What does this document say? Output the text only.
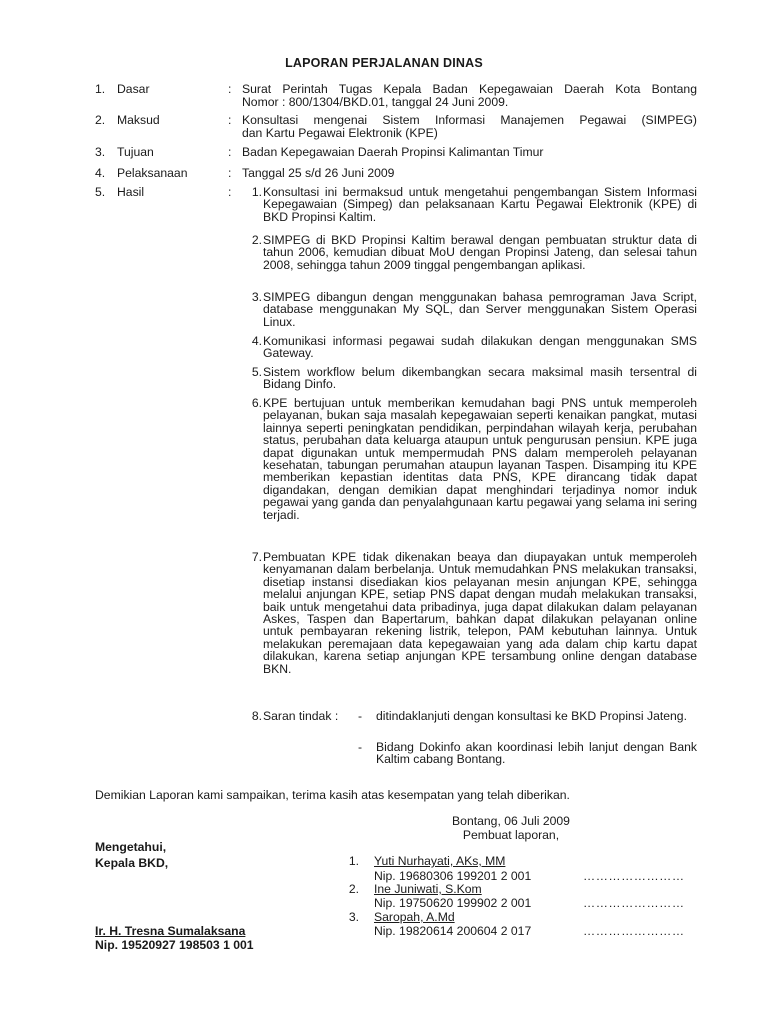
LAPORAN PERJALANAN DINAS
1. Dasar	: Surat Perintah Tugas Kepala Badan Kepegawaian Daerah Kota Bontang
Nomor : 800/1304/BKD.01, tanggal 24 Juni 2009.
2. Maksud	: Konsultasi mengenai Sistem Informasi Manajemen Pegawai (SIMPEG)
dan Kartu Pegawai Elektronik (KPE)
3. Tujuan	: Badan Kepegawaian Daerah Propinsi Kalimantan Timur
4. Pelaksanaan	: Tanggal 25 s/d 26 Juni 2009
5. Hasil	:	1. Konsultasi ini bermaksud untuk mengetahui pengembangan Sistem Informasi Kepegawaian (Simpeg) dan pelaksanaan Kartu Pegawai Elektronik (KPE) di BKD Propinsi Kaltim.
2. SIMPEG di BKD Propinsi Kaltim berawal dengan pembuatan struktur data di tahun 2006, kemudian dibuat MoU dengan Propinsi Jateng, dan selesai tahun 2008, sehingga tahun 2009 tinggal pengembangan aplikasi.
3. SIMPEG dibangun dengan menggunakan bahasa pemrograman Java Script, database menggunakan My SQL, dan Server menggunakan Sistem Operasi Linux.
4. Komunikasi informasi pegawai sudah dilakukan dengan menggunakan SMS Gateway.
5. Sistem workflow belum dikembangkan secara maksimal masih tersentral di Bidang Dinfo.
6. KPE bertujuan untuk memberikan kemudahan bagi PNS untuk memperoleh pelayanan, bukan saja masalah kepegawaian seperti kenaikan pangkat, mutasi lainnya seperti peningkatan pendidikan, perpindahan wilayah kerja, perubahan status, perubahan data keluarga ataupun untuk pengurusan pensiun. KPE juga dapat digunakan untuk mempermudah PNS dalam memperoleh pelayanan kesehatan, tabungan perumahan ataupun layanan Taspen. Disamping itu KPE memberikan kepastian identitas data PNS, KPE dirancang tidak dapat digandakan, dengan demikian dapat menghindari terjadinya nomor induk pegawai yang ganda dan penyalahgunaan kartu pegawai yang selama ini sering terjadi.
7. Pembuatan KPE tidak dikenakan beaya dan diupayakan untuk memperoleh kenyamanan dalam berbelanja. Untuk memudahkan PNS melakukan transaksi, disetiap instansi disediakan kios pelayanan mesin anjungan KPE, sehingga melalui anjungan KPE, setiap PNS dapat dengan mudah melakukan transaksi, baik untuk mengetahui data pribadinya, juga dapat dilakukan dalam pelayanan Askes, Taspen dan Bapertarum, bahkan dapat dilakukan pelayanan online untuk pembayaran rekening listrik, telepon, PAM kebutuhan lainnya. Untuk melakukan peremajaan data kepegawaian yang ada dalam chip kartu dapat dilakukan, karena setiap anjungan KPE tersambung online dengan database BKN.
8. Saran tindak :	- ditindaklanjuti dengan konsultasi ke BKD Propinsi Jateng.
- Bidang Dokinfo akan koordinasi lebih lanjut dengan Bank Kaltim cabang Bontang.
Demikian Laporan kami sampaikan, terima kasih atas kesempatan yang telah diberikan.
Bontang, 06 Juli 2009
Pembuat laporan,
Mengetahui,
Kepala BKD,
Ir. H. Tresna Sumalaksana
Nip. 19520927 198503 1 001
1. Yuti Nurhayati, AKs, MM
Nip. 19680306 199201 2 001	……………………
2. Ine Juniwati, S.Kom
Nip. 19750620 199902 2 001	……………………
3. Saropah, A.Md
Nip. 19820614 200604 2 017	……………………
